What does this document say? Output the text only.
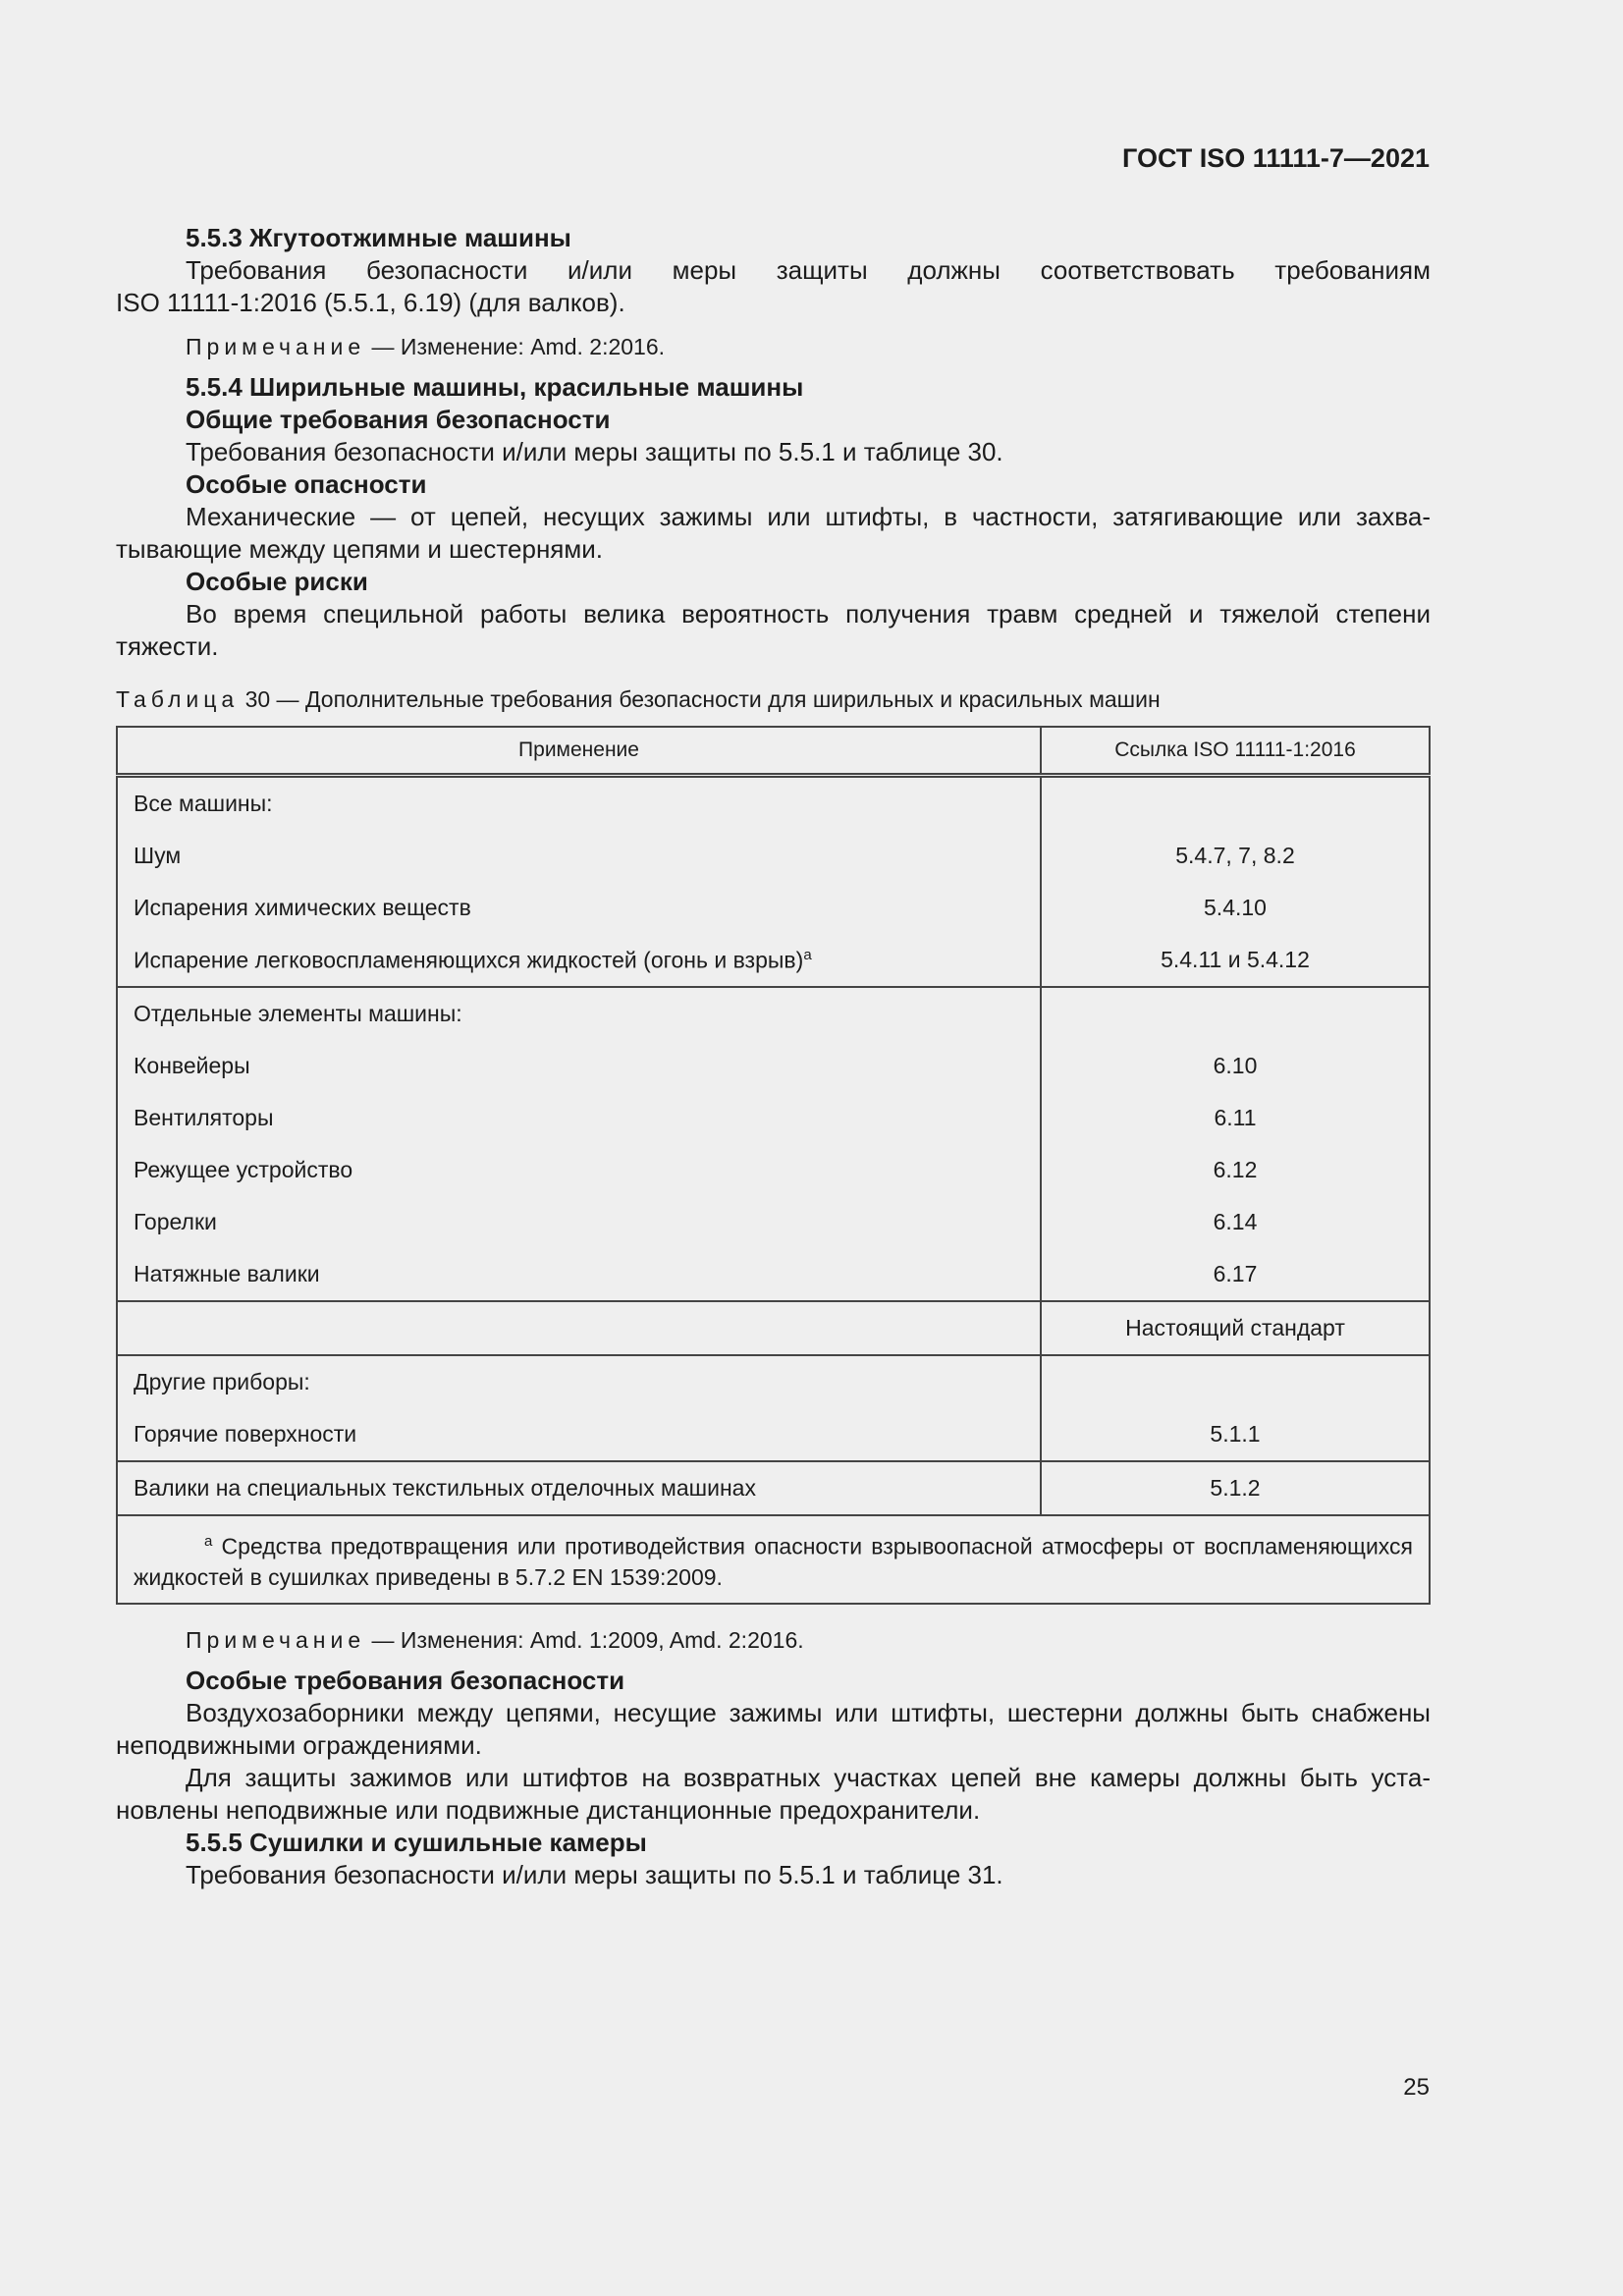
ГОСТ ISO 11111-7—2021

5.5.3 Жгутоотжимные машины

Требования безопасности и/или меры защиты должны соответствовать требованиям

ISO 11111-1:2016 (5.5.1, 6.19) (для валков).

Примечание — Изменение: Amd. 2:2016.

5.5.4 Ширильные машины, красильные машины

Общие требования безопасности

Требования безопасности и/или меры защиты по 5.5.1 и таблице 30.

Особые опасности

Механические — от цепей, несущих зажимы или штифты, в частности, затягивающие или захватывающие между цепями и шестернями.

Особые риски

Во время специльной работы велика вероятность получения травм средней и тяжелой степени тяжести.

Таблица 30 — Дополнительные требования безопасности для ширильных и красильных машин
Применение	Ссылка ISO 11111-1:2016
Все машины:	
Шум	5.4.7, 7, 8.2
Испарения химических веществ	5.4.10
Испарение легковоспламеняющихся жидкостей (огонь и взрыв)$^a$	5.4.11 и 5.4.12
Отдельные элементы машины:	
Конвейеры	6.10
Вентиляторы	6.11
Режущее устройство	6.12
Горелки	6.14
Натяжные валики	6.17
	Настоящий стандарт
Другие приборы:	
Горячие поверхности	5.1.1
Валики на специальных текстильных отделочных машинах	5.1.2

$^a$ Средства предотвращения или противодействия опасности взрывоопасной атмосферы от воспламеняющихся жидкостей в сушилках приведены в 5.7.2 EN 1539:2009.	

Примечание — Изменения: Amd. 1:2009, Amd. 2:2016.

Особые требования безопасности

Воздухозаборники между цепями, несущие зажимы или штифты, шестерни должны быть снабжены неподвижными ограждениями.

Для защиты зажимов или штифтов на возвратных участках цепей вне камеры должны быть установлены неподвижные или подвижные дистанционные предохранители.

5.5.5 Сушилки и сушильные камеры

Требования безопасности и/или меры защиты по 5.5.1 и таблице 31.

25
